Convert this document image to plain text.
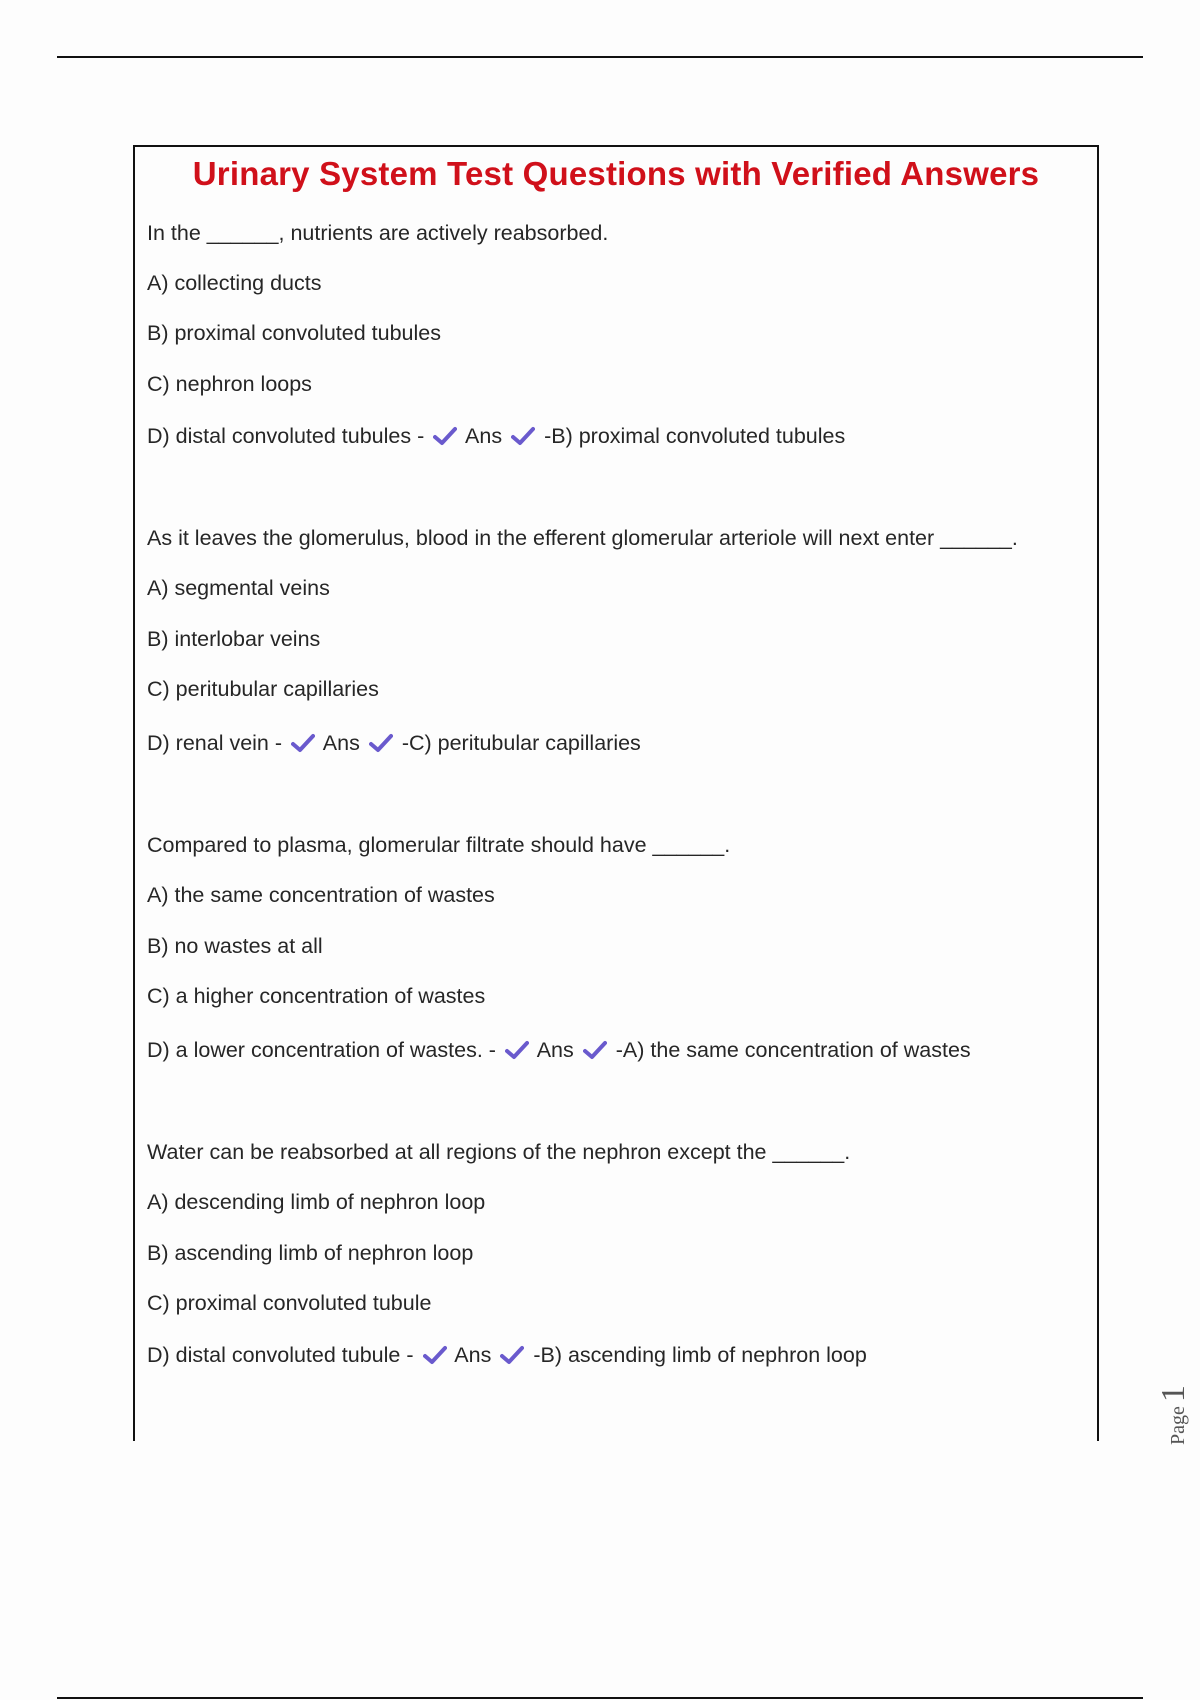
Urinary System Test Questions with Verified Answers
In the ______, nutrients are actively reabsorbed.
A) collecting ducts
B) proximal convoluted tubules
C) nephron loops
D) distal convoluted tubules - Ans -B) proximal convoluted tubules
As it leaves the glomerulus, blood in the efferent glomerular arteriole will next enter ______.
A) segmental veins
B) interlobar veins
C) peritubular capillaries
D) renal vein - Ans -C) peritubular capillaries
Compared to plasma, glomerular filtrate should have ______.
A) the same concentration of wastes
B) no wastes at all
C) a higher concentration of wastes
D) a lower concentration of wastes. - Ans -A) the same concentration of wastes
Water can be reabsorbed at all regions of the nephron except the ______.
A) descending limb of nephron loop
B) ascending limb of nephron loop
C) proximal convoluted tubule
D) distal convoluted tubule - Ans -B) ascending limb of nephron loop
Page 1
